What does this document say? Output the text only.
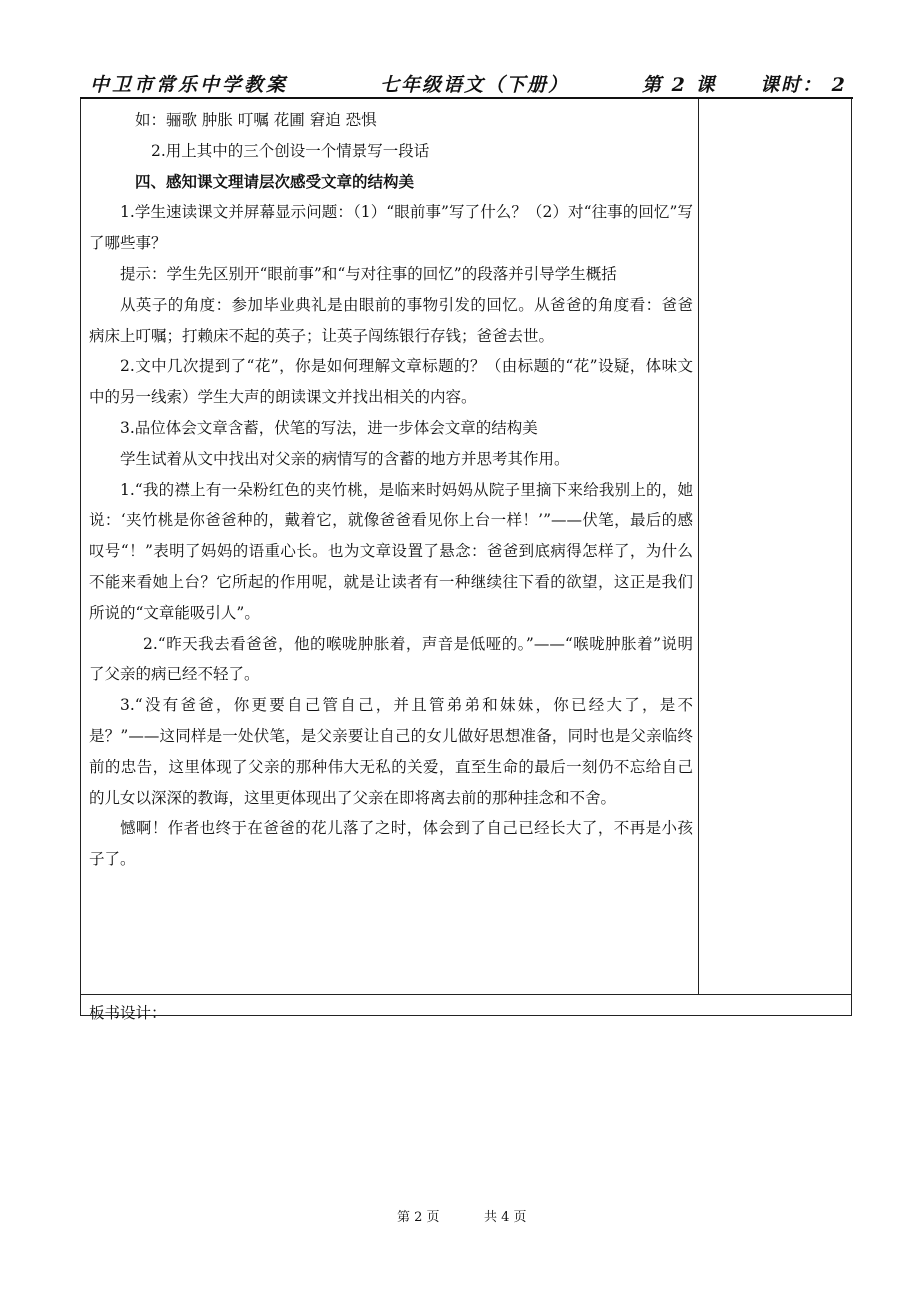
中卫市常乐中学教案	七年级语文（下册）	第 2 课 课时： 2

如：骊歌 肿胀 叮嘱 花圃 窘迫 恐惧

2.用上其中的三个创设一个情景写一段话

四、感知课文理请层次感受文章的结构美

1.学生速读课文并屏幕显示问题：（1）“眼前事”写了什么？（2）对“往事的回忆”写了哪些事？

提示：学生先区别开“眼前事”和“与对往事的回忆”的段落并引导学生概括

从英子的角度：参加毕业典礼是由眼前的事物引发的回忆。从爸爸的角度看：爸爸病床上叮嘱；打赖床不起的英子；让英子闯练银行存钱；爸爸去世。

2.文中几次提到了“花”，你是如何理解文章标题的？（由标题的“花”设疑，体味文中的另一线索）学生大声的朗读课文并找出相关的内容。

3.品位体会文章含蓄，伏笔的写法，进一步体会文章的结构美

学生试着从文中找出对父亲的病情写的含蓄的地方并思考其作用。

1.“我的襟上有一朵粉红色的夹竹桃，是临来时妈妈从院子里摘下来给我别上的，她说：‘夹竹桃是你爸爸种的，戴着它，就像爸爸看见你上台一样！’”——伏笔，最后的感叹号“！”表明了妈妈的语重心长。也为文章设置了悬念：爸爸到底病得怎样了，为什么不能来看她上台？它所起的作用呢，就是让读者有一种继续往下看的欲望，这正是我们所说的“文章能吸引人”。

2.“昨天我去看爸爸，他的喉咙肿胀着，声音是低哑的。”——“喉咙肿胀着”说明了父亲的病已经不轻了。

3.“没有爸爸，你更要自己管自己，并且管弟弟和妹妹，你已经大了，是不是？”——这同样是一处伏笔，是父亲要让自己的女儿做好思想准备，同时也是父亲临终前的忠告，这里体现了父亲的那种伟大无私的关爱，直至生命的最后一刻仍不忘给自己的儿女以深深的教诲，这里更体现出了父亲在即将离去前的那种挂念和不舍。

憾啊！作者也终于在爸爸的花儿落了之时，体会到了自己已经长大了，不再是小孩子了。

板书设计：
第 2 页	共 4 页
